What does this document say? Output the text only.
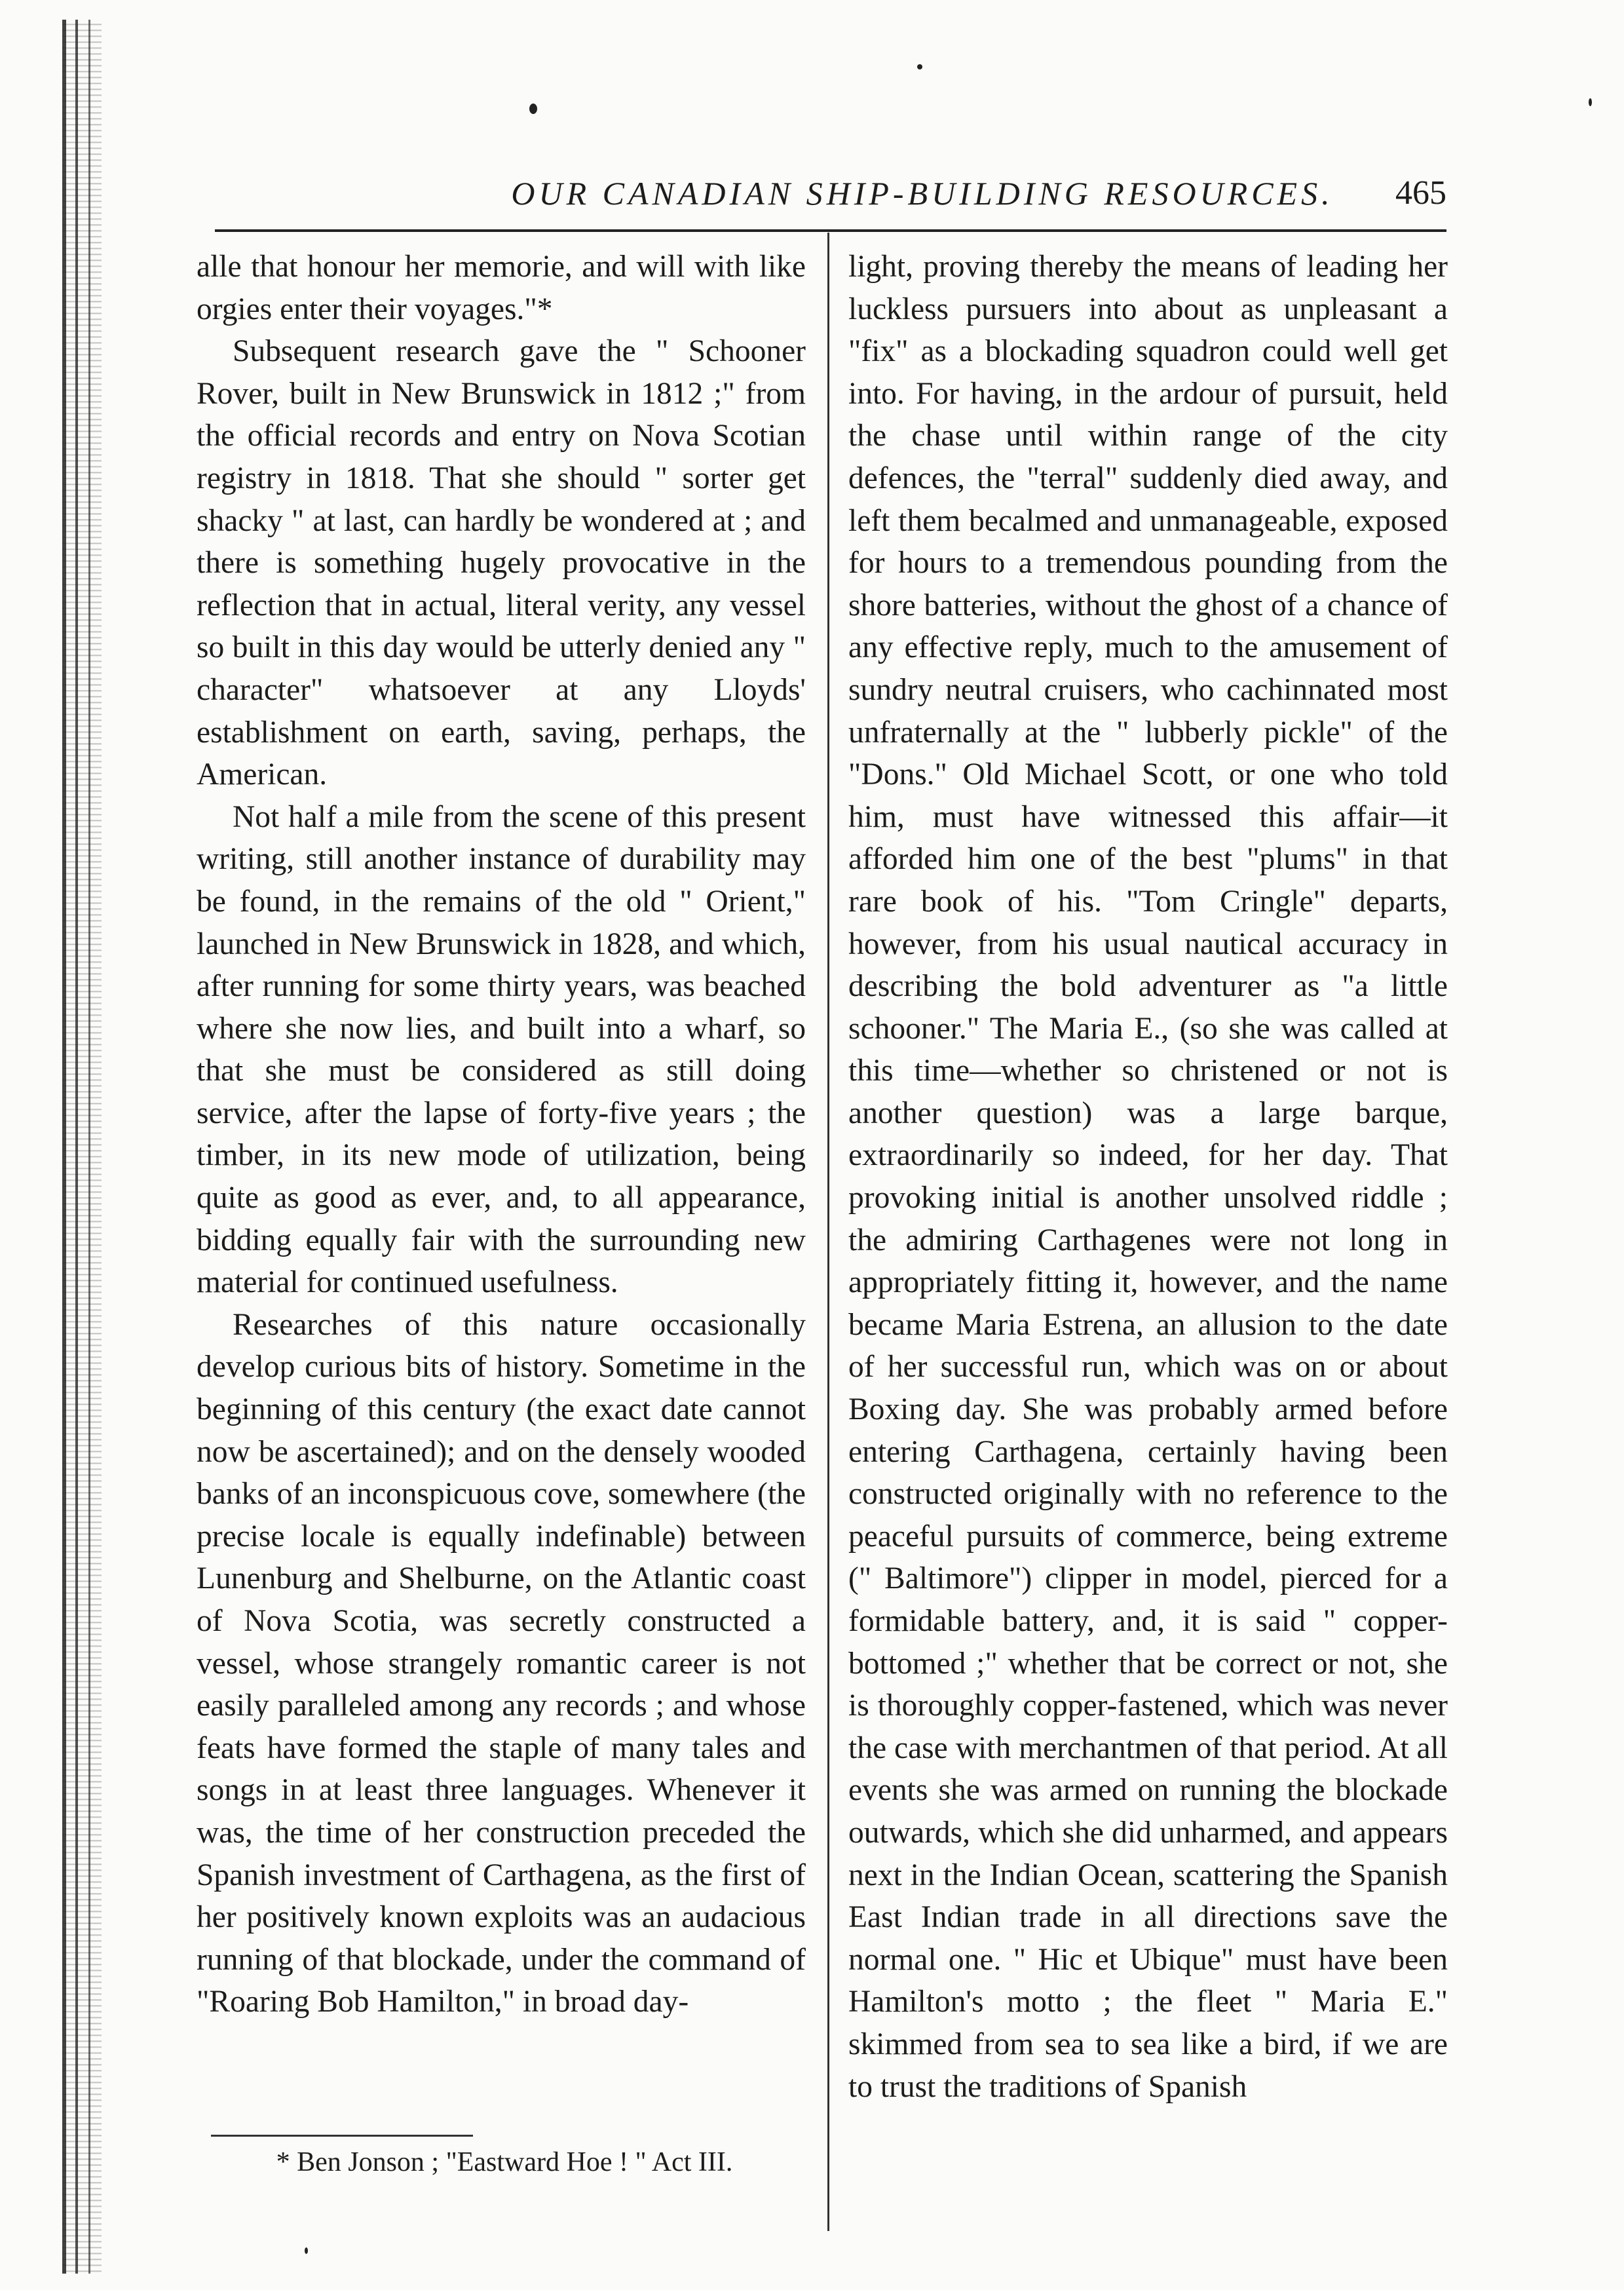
OUR CANADIAN SHIP-BUILDING RESOURCES.	465

alle that honour her memorie, and will with like orgies enter their voyages."*

Subsequent research gave the " Schooner Rover, built in New Brunswick in 1812 ;" from the official records and entry on Nova Scotian registry in 1818. That she should " sorter get shacky " at last, can hardly be wondered at ; and there is something hugely provocative in the reflection that in actual, literal verity, any vessel so built in this day would be utterly denied any " character" whatsoever at any Lloyds' establishment on earth, saving, perhaps, the American.

Not half a mile from the scene of this present writing, still another instance of durability may be found, in the remains of the old " Orient," launched in New Brunswick in 1828, and which, after running for some thirty years, was beached where she now lies, and built into a wharf, so that she must be considered as still doing service, after the lapse of forty-five years ; the timber, in its new mode of utilization, being quite as good as ever, and, to all appearance, bidding equally fair with the surrounding new material for continued usefulness.

Researches of this nature occasionally develop curious bits of history. Sometime in the beginning of this century (the exact date cannot now be ascertained); and on the densely wooded banks of an inconspicuous cove, somewhere (the precise locale is equally indefinable) between Lunenburg and Shelburne, on the Atlantic coast of Nova Scotia, was secretly constructed a vessel, whose strangely romantic career is not easily paralleled among any records ; and whose feats have formed the staple of many tales and songs in at least three languages. Whenever it was, the time of her construction preceded the Spanish investment of Carthagena, as the first of her positively known exploits was an audacious running of that blockade, under the command of "Roaring Bob Hamilton," in broad day-

light, proving thereby the means of leading her luckless pursuers into about as unpleasant a "fix" as a blockading squadron could well get into. For having, in the ardour of pursuit, held the chase until within range of the city defences, the "terral" suddenly died away, and left them becalmed and unmanageable, exposed for hours to a tremendous pounding from the shore batteries, without the ghost of a chance of any effective reply, much to the amusement of sundry neutral cruisers, who cachinnated most unfraternally at the " lubberly pickle" of the "Dons." Old Michael Scott, or one who told him, must have witnessed this affair—it afforded him one of the best "plums" in that rare book of his. "Tom Cringle" departs, however, from his usual nautical accuracy in describing the bold adventurer as "a little schooner." The Maria E., (so she was called at this time—whether so christened or not is another question) was a large barque, extraordinarily so indeed, for her day. That provoking initial is another unsolved riddle ; the admiring Carthagenes were not long in appropriately fitting it, however, and the name became Maria Estrena, an allusion to the date of her successful run, which was on or about Boxing day. She was probably armed before entering Carthagena, certainly having been constructed originally with no reference to the peaceful pursuits of commerce, being extreme (" Baltimore") clipper in model, pierced for a formidable battery, and, it is said " copper-bottomed ;" whether that be correct or not, she is thoroughly copper-fastened, which was never the case with merchantmen of that period. At all events she was armed on running the blockade outwards, which she did unharmed, and appears next in the Indian Ocean, scattering the Spanish East Indian trade in all directions save the normal one. " Hic et Ubique" must have been Hamilton's motto ; the fleet " Maria E." skimmed from sea to sea like a bird, if we are to trust the traditions of Spanish

* Ben Jonson ; "Eastward Hoe ! " Act III.
